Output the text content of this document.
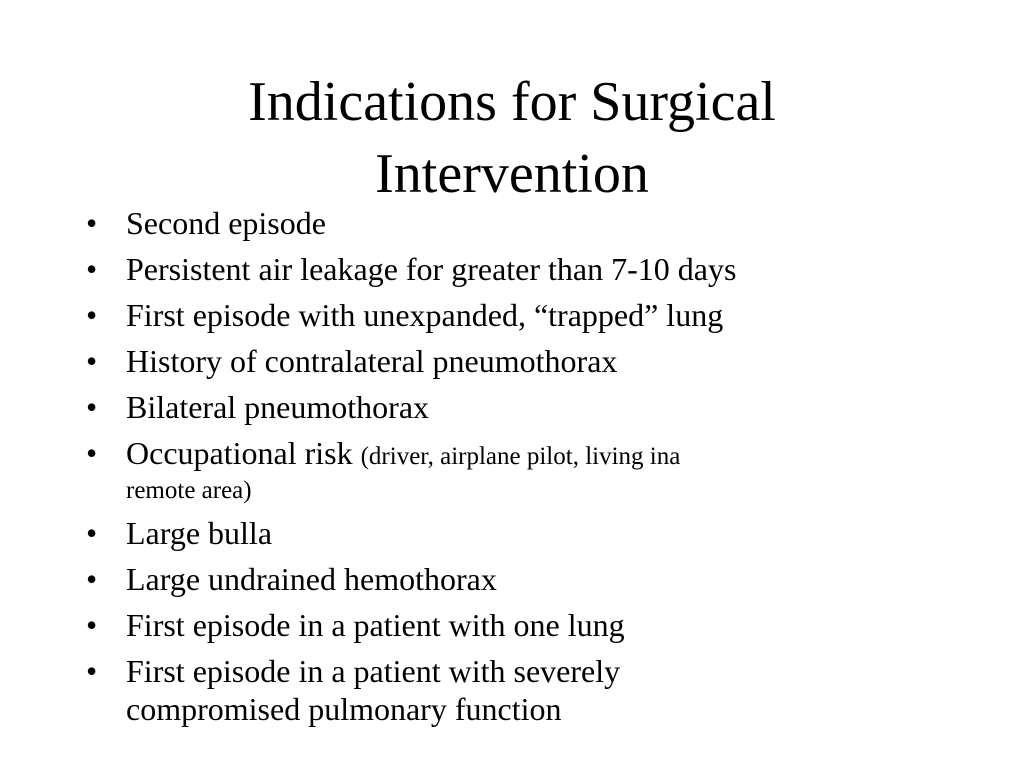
Indications for Surgical
Intervention
• Second episode
• Persistent air leakage for greater than 7-10 days
• First episode with unexpanded, “trapped” lung
• History of contralateral pneumothorax
• Bilateral pneumothorax
• Occupational risk (driver, airplane pilot, living ina
remote area)
• Large bulla
• Large undrained hemothorax
• First episode in a patient with one lung
• First episode in a patient with severely
compromised pulmonary function
